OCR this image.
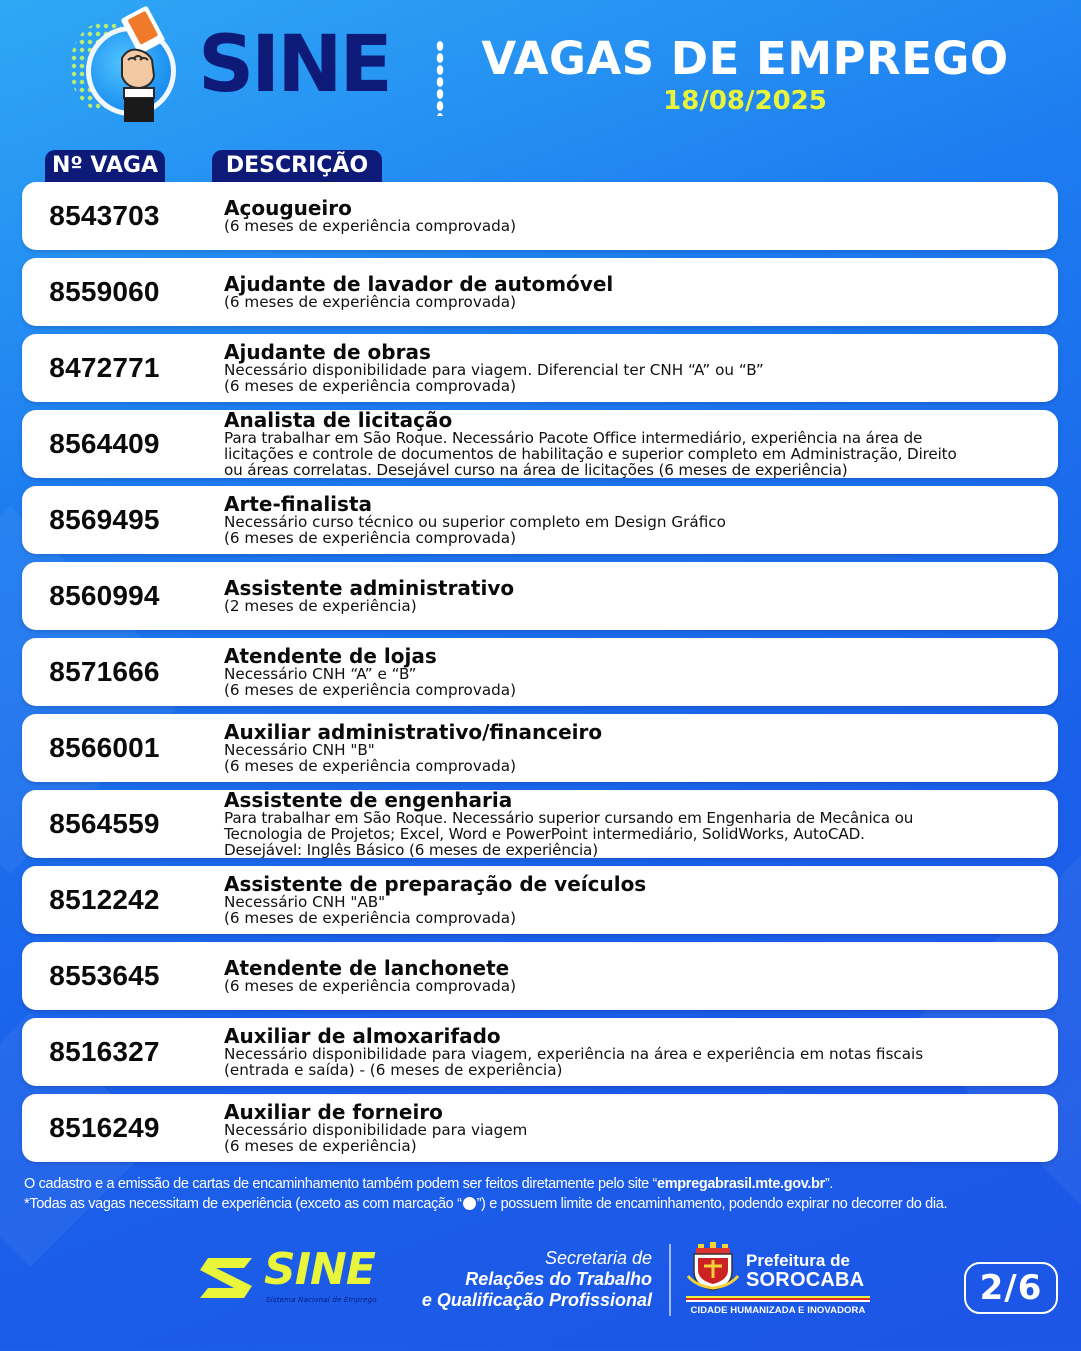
SINE VAGAS DE EMPREGO
18/08/2025
Nº VAGA	DESCRIÇÃO
8543703	Açougueiro
(6 meses de experiência comprovada)
8559060	Ajudante de lavador de automóvel
(6 meses de experiência comprovada)
8472771	Ajudante de obras
Necessário disponibilidade para viagem. Diferencial ter CNH “A” ou “B”
(6 meses de experiência comprovada)
8564409
Analista de licitação
Para trabalhar em São Roque. Necessário Pacote Office intermediário, experiência na área de
licitações e controle de documentos de habilitação e superior completo em Administração, Direito
ou áreas correlatas. Desejável curso na área de licitações (6 meses de experiência)
8569495	Arte-finalista
Necessário curso técnico ou superior completo em Design Gráfico
(6 meses de experiência comprovada)
8560994	Assistente administrativo
(2 meses de experiência)
8571666	Atendente de lojas
Necessário CNH “A” e “B”
(6 meses de experiência comprovada)
8566001	Auxiliar administrativo/financeiro
Necessário CNH "B"
(6 meses de experiência comprovada)
8564559
Assistente de engenharia
Para trabalhar em São Roque. Necessário superior cursando em Engenharia de Mecânica ou
Tecnologia de Projetos; Excel, Word e PowerPoint intermediário, SolidWorks, AutoCAD.
Desejável: Inglês Básico (6 meses de experiência)
8512242	Assistente de preparação de veículos
Necessário CNH "AB"
(6 meses de experiência comprovada)
8553645	Atendente de lanchonete
(6 meses de experiência comprovada)
8516327	Auxiliar de almoxarifado
Necessário disponibilidade para viagem, experiência na área e experiência em notas fiscais
(entrada e saída) - (6 meses de experiência)
8516249	Auxiliar de forneiro
Necessário disponibilidade para viagem
(6 meses de experiência)
O cadastro e a emissão de cartas de encaminhamento também podem ser feitos diretamente pelo site “empregabrasil.mte.gov.br”.
*Todas as vagas necessitam de experiência (exceto as com marcação “ ”) e possuem limite de encaminhamento, podendo expirar no decorrer do dia.
SINE
Sistema Nacional de Emprego
Secretaria de
Relações do Trabalho
e Qualificação Profissional
Prefeitura de
SOROCABA
CIDADE HUMANIZADA E INOVADORA
2/6
